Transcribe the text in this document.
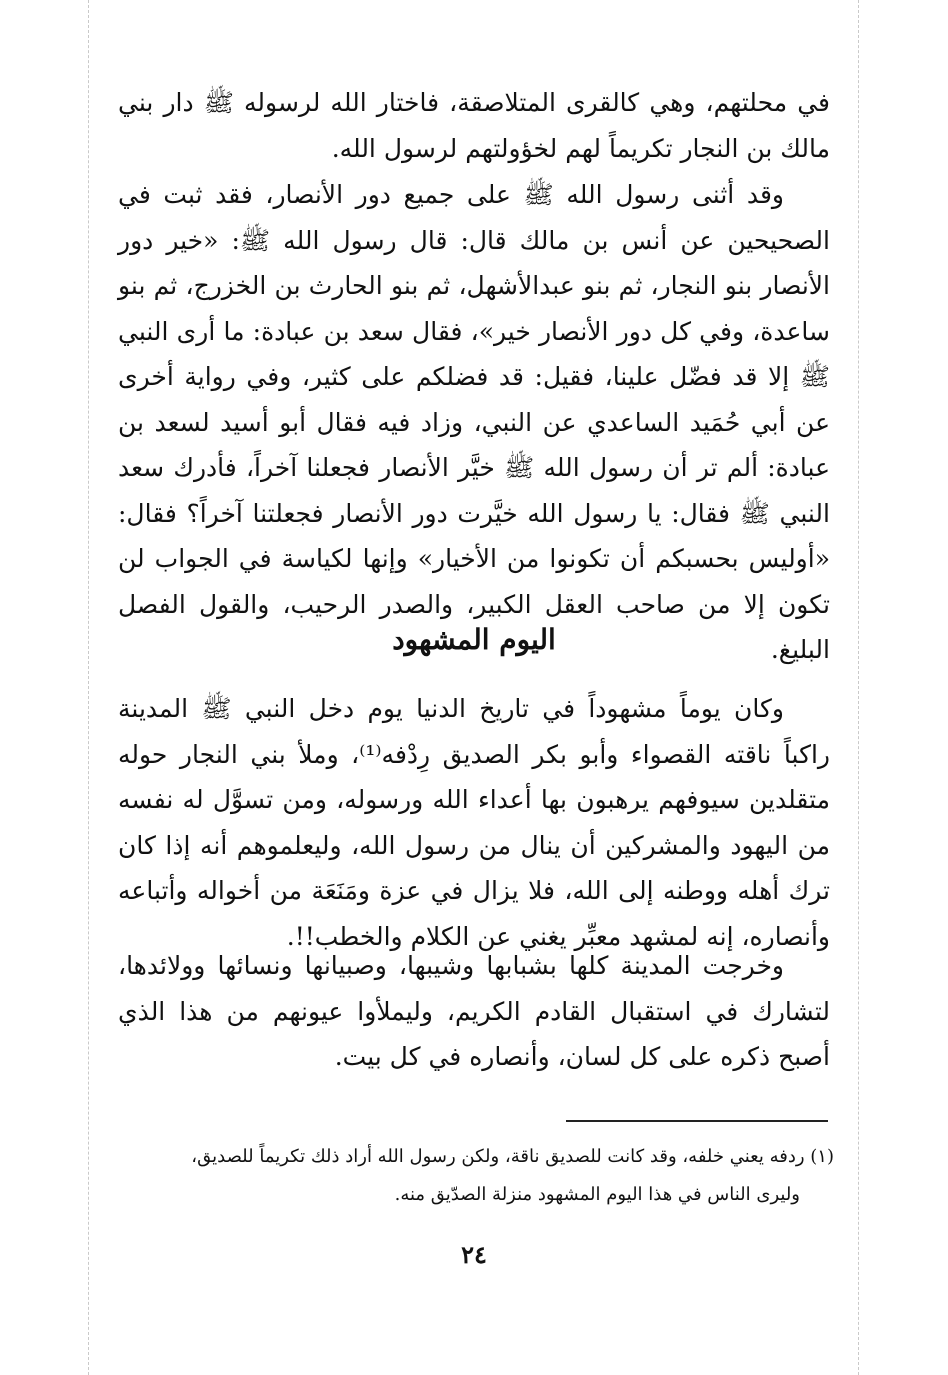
في محلتهم، وهي كالقرى المتلاصقة، فاختار الله لرسوله ﷺ دار بني مالك بن النجار تكريماً لهم لخؤولتهم لرسول الله.

وقد أثنى رسول الله ﷺ على جميع دور الأنصار، فقد ثبت في الصحيحين عن أنس بن مالك قال: قال رسول الله ﷺ: «خير دور الأنصار بنو النجار، ثم بنو عبدالأشهل، ثم بنو الحارث بن الخزرج، ثم بنو ساعدة، وفي كل دور الأنصار خير»، فقال سعد بن عبادة: ما أرى النبي ﷺ إلا قد فضّل علينا، فقيل: قد فضلكم على كثير، وفي رواية أخرى عن أبي حُمَيد الساعدي عن النبي، وزاد فيه فقال أبو أسيد لسعد بن عبادة: ألم تر أن رسول الله ﷺ خيَّر الأنصار فجعلنا آخراً، فأدرك سعد النبي ﷺ فقال: يا رسول الله خيَّرت دور الأنصار فجعلتنا آخراً؟ فقال: «أوليس بحسبكم أن تكونوا من الأخيار» وإنها لكياسة في الجواب لن تكون إلا من صاحب العقل الكبير، والصدر الرحيب، والقول الفصل البليغ.

اليوم المشهود

وكان يوماً مشهوداً في تاريخ الدنيا يوم دخل النبي ﷺ المدينة راكباً ناقته القصواء وأبو بكر الصديق رِدْفه⁽¹⁾، وملأ بني النجار حوله متقلدين سيوفهم يرهبون بها أعداء الله ورسوله، ومن تسوَّل له نفسه من اليهود والمشركين أن ينال من رسول الله، وليعلموهم أنه إذا كان ترك أهله ووطنه إلى الله، فلا يزال في عزة ومَنَعَة من أخواله وأتباعه وأنصاره، إنه لمشهد معبِّر يغني عن الكلام والخطب!!.

وخرجت المدينة كلها بشبابها وشيبها، وصبيانها ونسائها وولائدها، لتشارك في استقبال القادم الكريم، وليملأوا عيونهم من هذا الذي أصبح ذكره على كل لسان، وأنصاره في كل بيت.

(١) ردفه يعني خلفه، وقد كانت للصديق ناقة، ولكن رسول الله أراد ذلك تكريماً للصديق،

وليرى الناس في هذا اليوم المشهود منزلة الصدّيق منه.

٢٤
